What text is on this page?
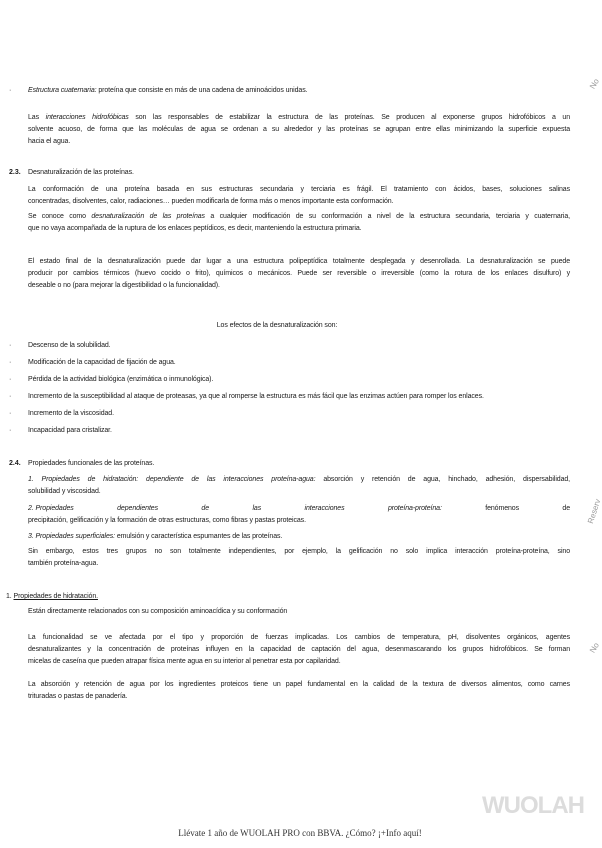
· Estructura cuaternaria: proteína que consiste en más de una cadena de aminoácidos unidas.
Las interacciones hidrofóbicas son las responsables de estabilizar la estructura de las proteínas. Se producen al exponerse grupos hidrofóbicos a un
solvente acuoso, de forma que las moléculas de agua se ordenan a su alrededor y las proteínas se agrupan entre ellas minimizando la superficie expuesta
hacia el agua.
2.3. Desnaturalización de las proteínas.
La conformación de una proteína basada en sus estructuras secundaria y terciaria es frágil. El tratamiento con ácidos, bases, soluciones salinas
concentradas, disolventes, calor, radiaciones… pueden modificarla de forma más o menos importante esta conformación.
Se conoce como desnaturalización de las proteínas a cualquier modificación de su conformación a nivel de la estructura secundaria, terciaria y cuaternaria,
que no vaya acompañada de la ruptura de los enlaces peptídicos, es decir, manteniendo la estructura primaria.
El estado final de la desnaturalización puede dar lugar a una estructura polipeptídica totalmente desplegada y desenrollada. La desnaturalización se puede
producir por cambios térmicos (huevo cocido o frito), químicos o mecánicos. Puede ser reversible o irreversible (como la rotura de los enlaces disulfuro) y
deseable o no (para mejorar la digestibilidad o la funcionalidad).
Los efectos de la desnaturalización son:
· Descenso de la solubilidad.
· Modificación de la capacidad de fijación de agua.
· Pérdida de la actividad biológica (enzimática o inmunológica).
· Incremento de la susceptibilidad al ataque de proteasas, ya que al romperse la estructura es más fácil que las enzimas actúen para romper los enlaces.
· Incremento de la viscosidad.
· Incapacidad para cristalizar.
2.4. Propiedades funcionales de las proteínas.
1. Propiedades de hidratación: dependiente de las interacciones proteína-agua: absorción y retención de agua, hinchado, adhesión, dispersabilidad,
solubilidad y viscosidad.
2. Propiedades	dependientes	de	las	interacciones	proteína-proteína:	fenómenos	de
precipitación, gelificación y la formación de otras estructuras, como fibras y pastas proteicas.
3. Propiedades superficiales: emulsión y característica espumantes de las proteínas.
Sin embargo, estos tres grupos no son totalmente independientes, por ejemplo, la gelificación no solo implica interacción proteína-proteína, sino
también proteína-agua.
1. Propiedades de hidratación.
Están directamente relacionados con su composición aminoacídica y su conformación
La funcionalidad se ve afectada por el tipo y proporción de fuerzas implicadas. Los cambios de temperatura, pH, disolventes orgánicos, agentes
desnaturalizantes y la concentración de proteínas influyen en la capacidad de captación del agua, desenmascarando los grupos hidrofóbicos. Se forman
micelas de caseína que pueden atrapar física mente agua en su interior al penetrar esta por capilaridad.
La absorción y retención de agua por los ingredientes proteicos tiene un papel fundamental en la calidad de la textura de diversos alimentos, como carnes
trituradas o pastas de panadería.
No
Reserv
No
WUOLAH
Llévate 1 año de WUOLAH PRO con BBVA. ¿Cómo? ¡+Info aquí!
